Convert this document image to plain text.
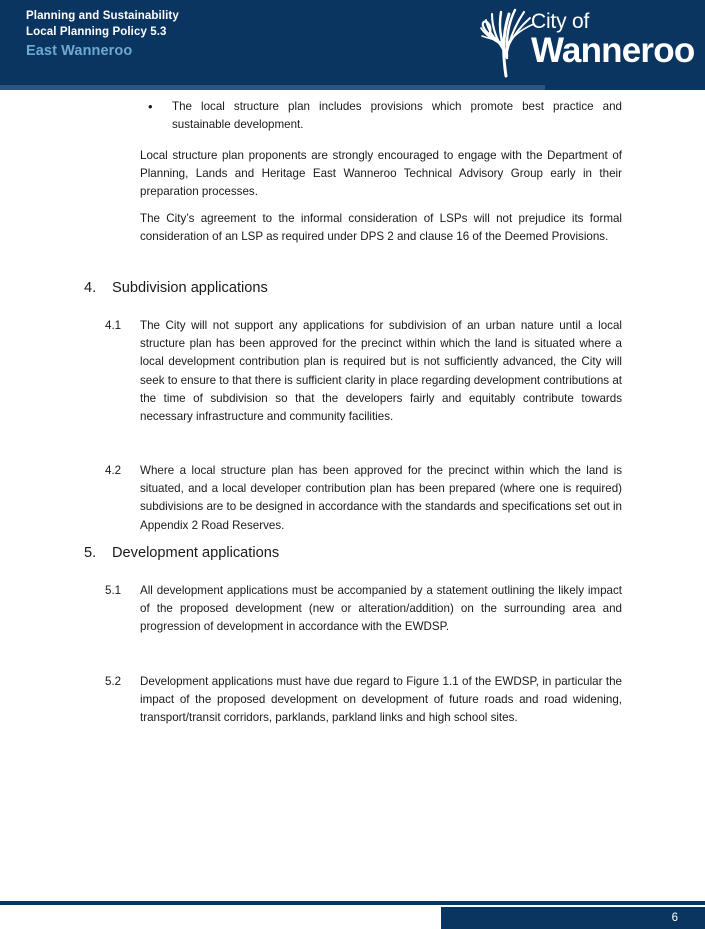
Planning and Sustainability
Local Planning Policy 5.3
East Wanneroo
City of
Wanneroo
•	The local structure plan includes provisions which promote best practice and sustainable development.
Local structure plan proponents are strongly encouraged to engage with the Department of Planning, Lands and Heritage East Wanneroo Technical Advisory Group early in their preparation processes.
The City’s agreement to the informal consideration of LSPs will not prejudice its formal consideration of an LSP as required under DPS 2 and clause 16 of the Deemed Provisions.
4. Subdivision applications
4.1	The City will not support any applications for subdivision of an urban nature until a local structure plan has been approved for the precinct within which the land is situated where a local development contribution plan is required but is not sufficiently advanced, the City will seek to ensure to that there is sufficient clarity in place regarding development contributions at the time of subdivision so that the developers fairly and equitably contribute towards necessary infrastructure and community facilities.
4.2	Where a local structure plan has been approved for the precinct within which the land is situated, and a local developer contribution plan has been prepared (where one is required) subdivisions are to be designed in accordance with the standards and specifications set out in Appendix 2 Road Reserves.
5. Development applications
5.1	All development applications must be accompanied by a statement outlining the likely impact of the proposed development (new or alteration/addition) on the surrounding area and progression of development in accordance with the EWDSP.
5.2	Development applications must have due regard to Figure 1.1 of the EWDSP, in particular the impact of the proposed development on development of future roads and road widening, transport/transit corridors, parklands, parkland links and high school sites.
6
